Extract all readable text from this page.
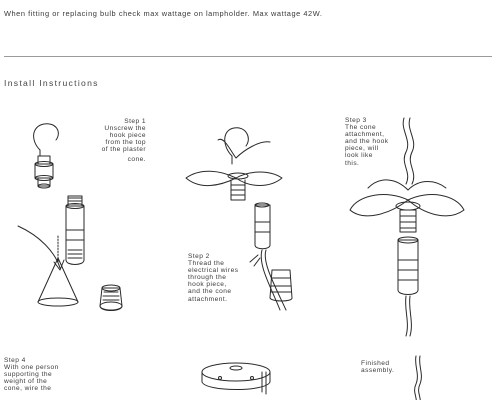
When fitting or replacing bulb check max wattage on lampholder. Max wattage 42W.
Install Instructions
Step 1
Unscrew the
hook piece
from the top
of the plaster
cone.
Step 2
Thread the
electrical wires
through the
hook piece,
and the cone
attachment.
Step 3
The cone
attachment,
and the hook
piece, will
look like
this.
Step 4
With one person
supporting the
weight of the
cone, wire the
Finished
assembly.
